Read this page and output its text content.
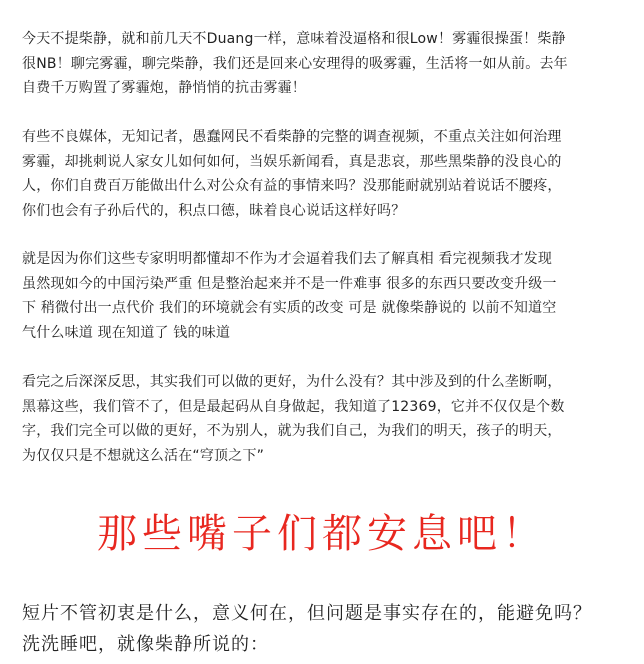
今天不提柴静，就和前几天不Duang一样，意味着没逼格和很Low！雾霾很操蛋！柴静
很NB！聊完雾霾，聊完柴静，我们还是回来心安理得的吸雾霾，生活将一如从前。去年
自费千万购置了雾霾炮，静悄悄的抗击雾霾！
有些不良媒体，无知记者，愚蠢网民不看柴静的完整的调查视频，不重点关注如何治理
雾霾，却挑刺说人家女儿如何如何，当娱乐新闻看，真是悲哀，那些黑柴静的没良心的
人，你们自费百万能做出什么对公众有益的事情来吗？没那能耐就别站着说话不腰疼，
你们也会有子孙后代的，积点口德，昧着良心说话这样好吗？
就是因为你们这些专家明明都懂却不作为才会逼着我们去了解真相 看完视频我才发现
虽然现如今的中国污染严重 但是整治起来并不是一件难事 很多的东西只要改变升级一
下 稍微付出一点代价 我们的环境就会有实质的改变 可是 就像柴静说的 以前不知道空
气什么味道 现在知道了 钱的味道
看完之后深深反思，其实我们可以做的更好，为什么没有？其中涉及到的什么垄断啊，
黑幕这些，我们管不了，但是最起码从自身做起，我知道了12369，它并不仅仅是个数
字，我们完全可以做的更好，不为别人，就为我们自己，为我们的明天，孩子的明天，
为仅仅只是不想就这么活在“穹顶之下”
那些嘴子们都安息吧！
短片不管初衷是什么，意义何在，但问题是事实存在的，能避免吗？
洗洗睡吧，就像柴静所说的：
